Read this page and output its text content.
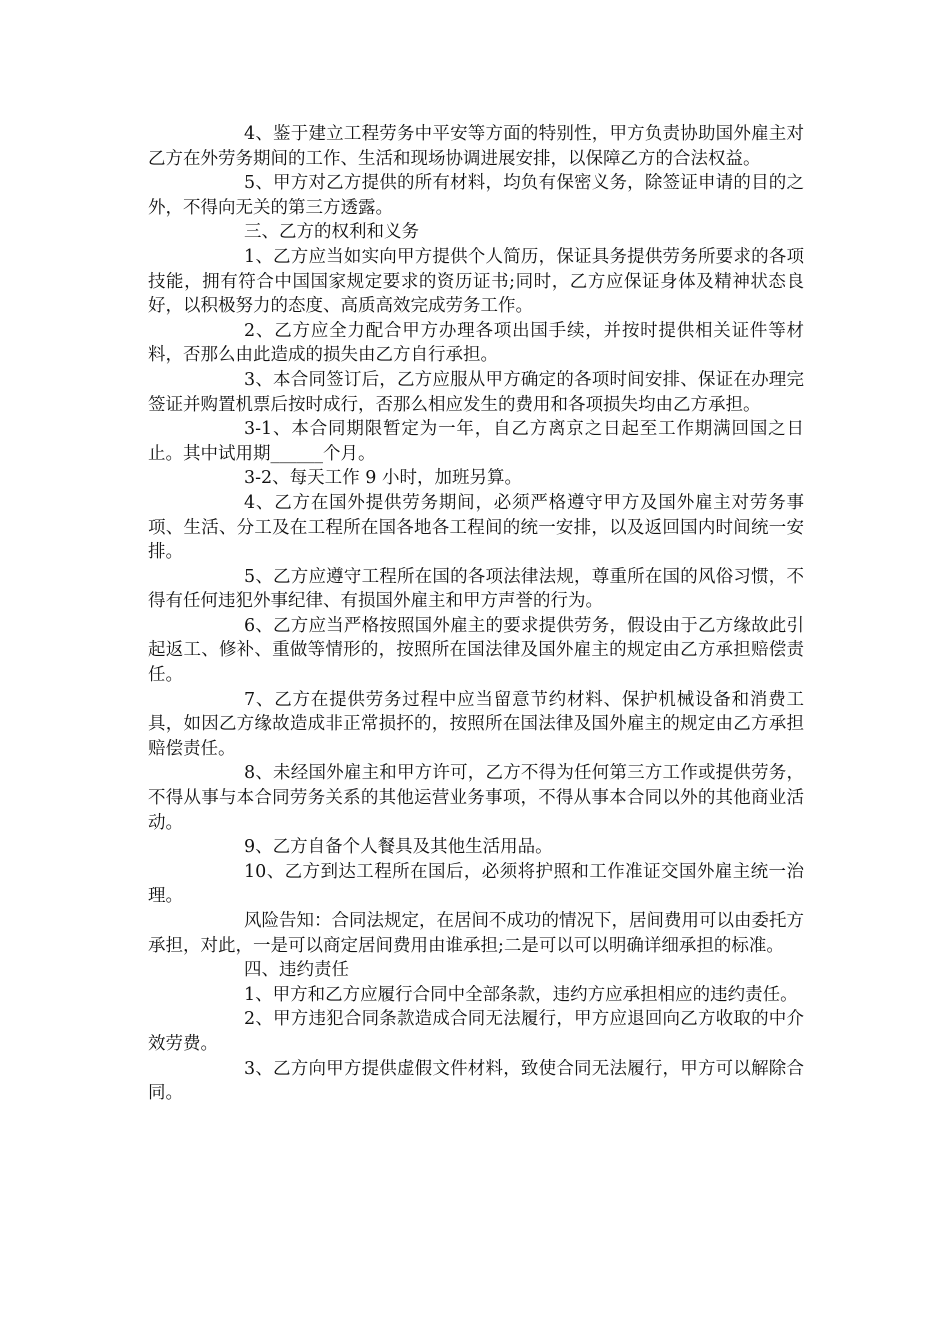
4、鉴于建立工程劳务中平安等方面的特别性，甲方负责协助国外雇主对乙方在外劳务期间的工作、生活和现场协调进展安排，以保障乙方的合法权益。

5、甲方对乙方提供的所有材料，均负有保密义务，除签证申请的目的之外，不得向无关的第三方透露。

三、乙方的权利和义务

1、乙方应当如实向甲方提供个人简历，保证具务提供劳务所要求的各项技能，拥有符合中国国家规定要求的资历证书;同时，乙方应保证身体及精神状态良好，以积极努力的态度、高质高效完成劳务工作。

2、乙方应全力配合甲方办理各项出国手续，并按时提供相关证件等材料，否那么由此造成的损失由乙方自行承担。

3、本合同签订后，乙方应服从甲方确定的各项时间安排、保证在办理完签证并购置机票后按时成行，否那么相应发生的费用和各项损失均由乙方承担。

3-1、本合同期限暂定为一年，自乙方离京之日起至工作期满回国之日止。其中试用期______个月。

3-2、每天工作 9 小时，加班另算。

4、乙方在国外提供劳务期间，必须严格遵守甲方及国外雇主对劳务事项、生活、分工及在工程所在国各地各工程间的统一安排，以及返回国内时间统一安排。

5、乙方应遵守工程所在国的各项法律法规，尊重所在国的风俗习惯，不得有任何违犯外事纪律、有损国外雇主和甲方声誉的行为。

6、乙方应当严格按照国外雇主的要求提供劳务，假设由于乙方缘故此引起返工、修补、重做等情形的，按照所在国法律及国外雇主的规定由乙方承担赔偿责任。

7、乙方在提供劳务过程中应当留意节约材料、保护机械设备和消费工具，如因乙方缘故造成非正常损抔的，按照所在国法律及国外雇主的规定由乙方承担赔偿责任。

8、未经国外雇主和甲方许可，乙方不得为任何第三方工作或提供劳务，不得从事与本合同劳务关系的其他运营业务事项，不得从事本合同以外的其他商业活动。

9、乙方自备个人餐具及其他生活用品。

10、乙方到达工程所在国后，必须将护照和工作准证交国外雇主统一治理。

风险告知：合同法规定，在居间不成功的情况下，居间费用可以由委托方承担，对此，一是可以商定居间费用由谁承担;二是可以可以明确详细承担的标准。

四、违约责任

1、甲方和乙方应履行合同中全部条款，违约方应承担相应的违约责任。

2、甲方违犯合同条款造成合同无法履行，甲方应退回向乙方收取的中介效劳费。

3、乙方向甲方提供虚假文件材料，致使合同无法履行，甲方可以解除合同。
